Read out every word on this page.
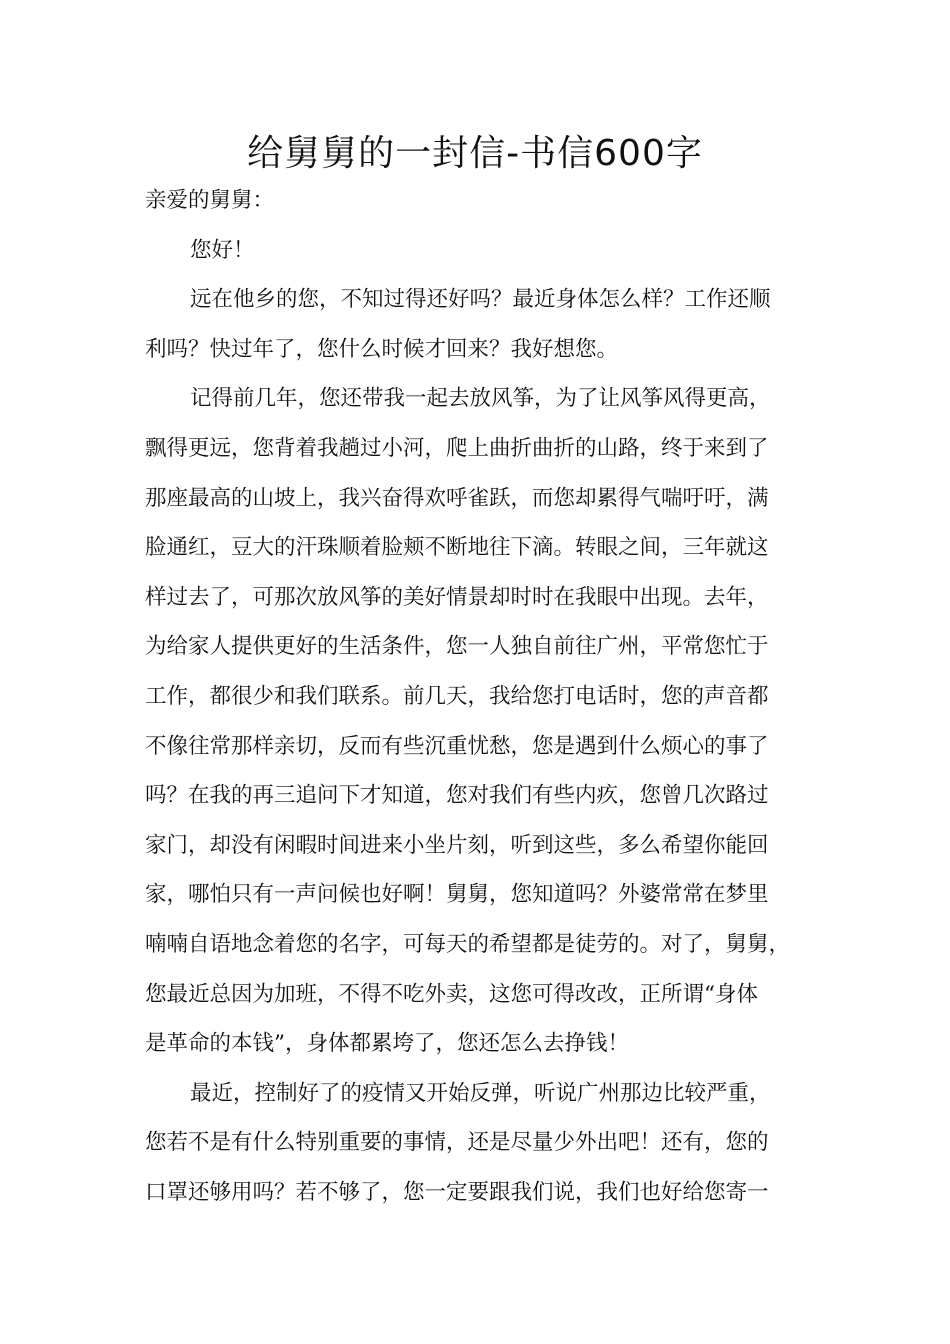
给舅舅的一封信-书信600字
亲爱的舅舅：
您好！
远在他乡的您，不知过得还好吗？最近身体怎么样？工作还顺
利吗？快过年了，您什么时候才回来？我好想您。
记得前几年，您还带我一起去放风筝，为了让风筝风得更高，
飘得更远，您背着我趟过小河，爬上曲折曲折的山路，终于来到了
那座最高的山坡上，我兴奋得欢呼雀跃，而您却累得气喘吁吁，满
脸通红，豆大的汗珠顺着脸颊不断地往下滴。转眼之间，三年就这
样过去了，可那次放风筝的美好情景却时时在我眼中出现。去年，
为给家人提供更好的生活条件，您一人独自前往广州，平常您忙于
工作，都很少和我们联系。前几天，我给您打电话时，您的声音都
不像往常那样亲切，反而有些沉重忧愁，您是遇到什么烦心的事了
吗？在我的再三追问下才知道，您对我们有些内疚，您曾几次路过
家门，却没有闲暇时间进来小坐片刻，听到这些，多么希望你能回
家，哪怕只有一声问候也好啊！舅舅，您知道吗？外婆常常在梦里
喃喃自语地念着您的名字，可每天的希望都是徒劳的。对了，舅舅，
您最近总因为加班，不得不吃外卖，这您可得改改，正所谓“身体
是革命的本钱”，身体都累垮了，您还怎么去挣钱！
最近，控制好了的疫情又开始反弹，听说广州那边比较严重，
您若不是有什么特别重要的事情，还是尽量少外出吧！还有，您的
口罩还够用吗？若不够了，您一定要跟我们说，我们也好给您寄一
